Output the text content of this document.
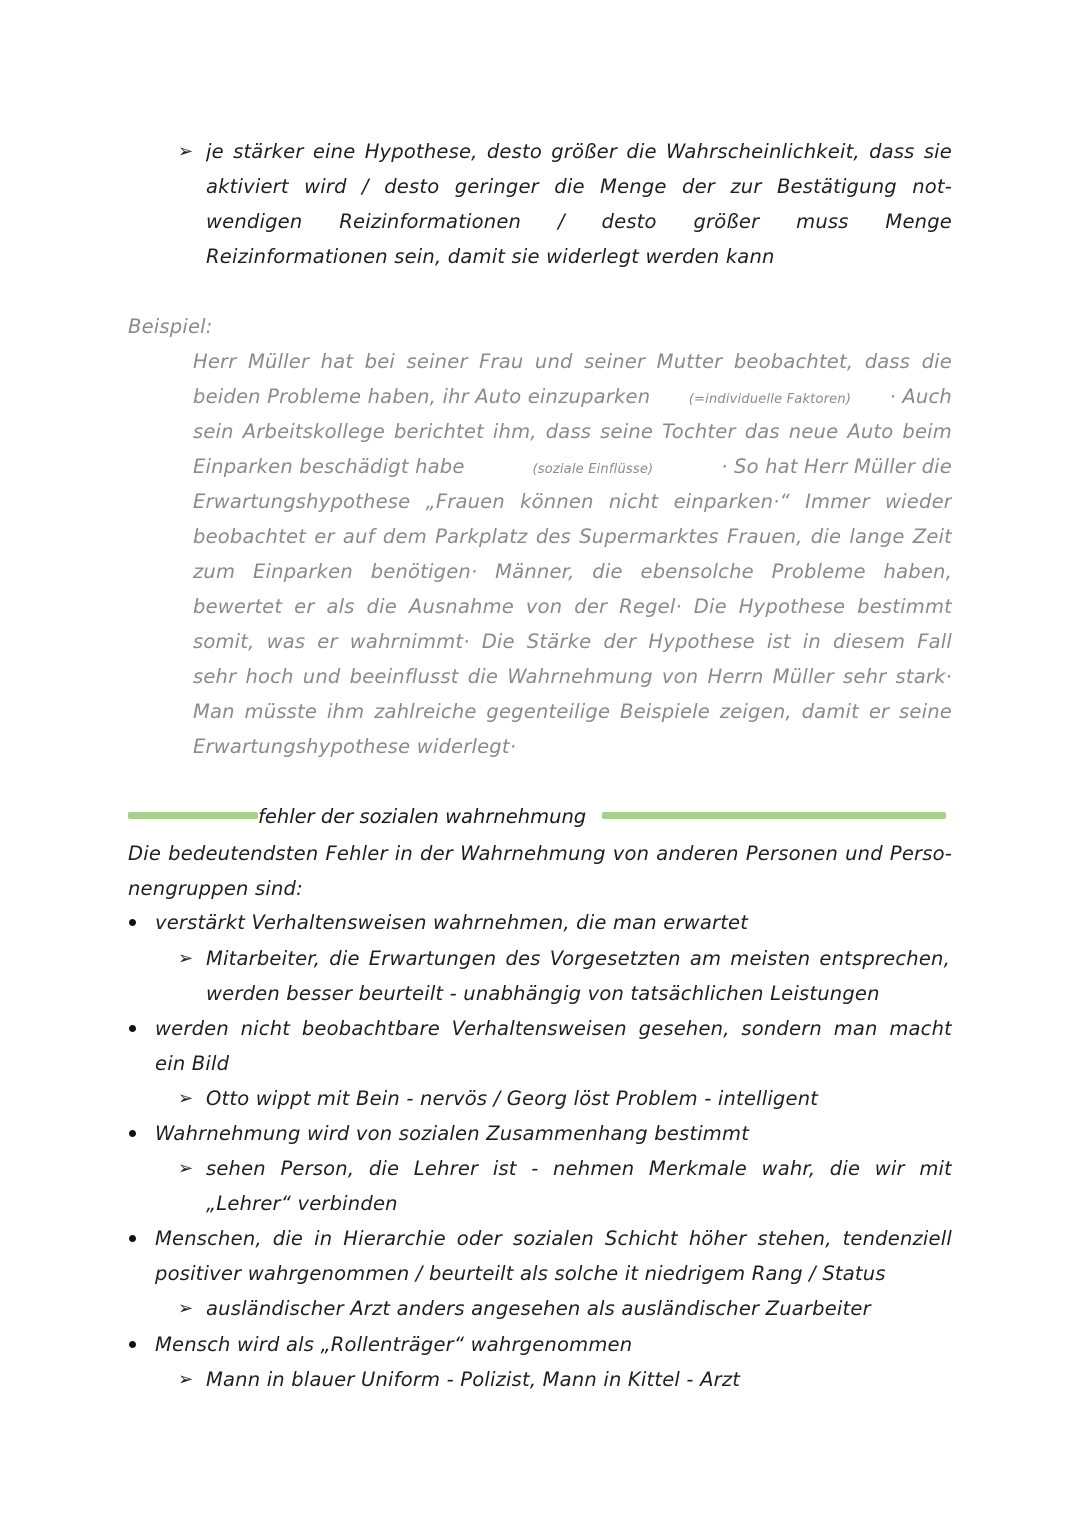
➢ je stärker eine Hypothese, desto größer die Wahrscheinlichkeit, dass sie
aktiviert wird / desto geringer die Menge der zur Bestätigung not-
wendigen Reizinformationen / desto größer muss Menge
Reizinformationen sein, damit sie widerlegt werden kann
Beispiel:
Herr Müller hat bei seiner Frau und seiner Mutter beobachtet, dass die
beiden Probleme haben, ihr Auto einzuparken	(=individuelle Faktoren) · Auch
sein Arbeitskollege berichtet ihm, dass seine Tochter das neue Auto beim
Einparken beschädigt habe	(soziale Einflüsse)	· So hat Herr Müller die
Erwartungshypothese „Frauen können nicht einparken·“ Immer wieder
beobachtet er auf dem Parkplatz des Supermarktes Frauen, die lange Zeit
zum Einparken benötigen· Männer, die ebensolche Probleme haben,
bewertet er als die Ausnahme von der Regel· Die Hypothese bestimmt
somit, was er wahrnimmt· Die Stärke der Hypothese ist in diesem Fall
sehr hoch und beeinflusst die Wahrnehmung von Herrn Müller sehr stark·
Man müsste ihm zahlreiche gegenteilige Beispiele zeigen, damit er seine
Erwartungshypothese widerlegt·
fehler der sozialen wahrnehmung
Die bedeutendsten Fehler in der Wahrnehmung von anderen Personen und Perso-
nengruppen sind:
verstärkt Verhaltensweisen wahrnehmen, die man erwartet
➢ Mitarbeiter, die Erwartungen des Vorgesetzten am meisten entsprechen,
werden besser beurteilt - unabhängig von tatsächlichen Leistungen
werden nicht beobachtbare Verhaltensweisen gesehen, sondern man macht
ein Bild
➢ Otto wippt mit Bein - nervös / Georg löst Problem - intelligent
Wahrnehmung wird von sozialen Zusammenhang bestimmt
➢ sehen Person, die Lehrer ist - nehmen Merkmale wahr, die wir mit
„Lehrer“ verbinden
Menschen, die in Hierarchie oder sozialen Schicht höher stehen, tendenziell
positiver wahrgenommen / beurteilt als solche it niedrigem Rang / Status
➢ ausländischer Arzt anders angesehen als ausländischer Zuarbeiter
Mensch wird als „Rollenträger“ wahrgenommen
➢ Mann in blauer Uniform - Polizist, Mann in Kittel - Arzt
